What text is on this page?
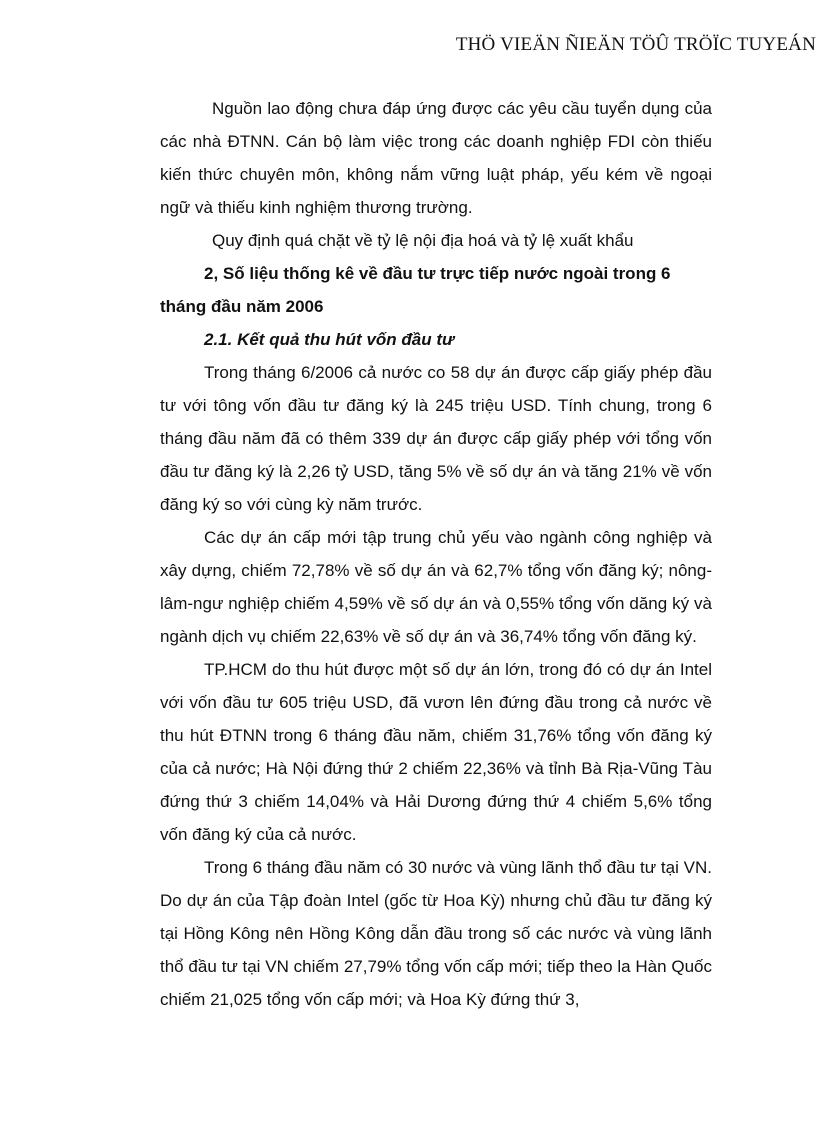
THÖ VIEÄN ÑIEÄN TÖÛ TRÖÏC TUYEÁN

Nguồn lao động chưa đáp ứng được các yêu cầu tuyển dụng của các nhà ĐTNN. Cán bộ làm việc trong các doanh nghiệp FDI còn thiếu kiến thức chuyên môn, không nắm vững luật pháp, yếu kém về ngoại ngữ và thiếu kinh nghiệm thương trường.

Quy định quá chặt về tỷ lệ nội địa hoá và tỷ lệ xuất khẩu

2, Số liệu thống kê về đầu tư trực tiếp nước ngoài trong 6 tháng đầu năm 2006

2.1. Kết quả thu hút vốn đầu tư

Trong tháng 6/2006 cả nước co 58 dự án được cấp giấy phép đầu tư với tông vốn đầu tư đăng ký là 245 triệu USD. Tính chung, trong 6 tháng đầu năm đã có thêm 339 dự án được cấp giấy phép với tổng vốn đầu tư đăng ký là 2,26 tỷ USD, tăng 5% về số dự án và tăng 21% về vốn đăng ký so với cùng kỳ năm trước.

Các dự án cấp mới tập trung chủ yếu vào ngành công nghiệp và xây dựng, chiếm 72,78% về số dự án và 62,7% tổng vốn đăng ký; nông-lâm-ngư nghiệp chiếm 4,59% về số dự án và 0,55% tổng vốn dăng ký và ngành dịch vụ chiếm 22,63% về số dự án và 36,74% tổng vốn đăng ký.

TP.HCM do thu hút được một số dự án lớn, trong đó có dự án Intel với vốn đầu tư 605 triệu USD, đã vươn lên đứng đầu trong cả nước về thu hút ĐTNN trong 6 tháng đầu năm, chiếm 31,76% tổng vốn đăng ký của cả nước; Hà Nội đứng thứ 2 chiếm 22,36% và tỉnh Bà Rịa-Vũng Tàu đứng thứ 3 chiếm 14,04% và Hải Dương đứng thứ 4 chiếm 5,6% tổng vốn đăng ký của cả nước.

Trong 6 tháng đầu năm có 30 nước và vùng lãnh thổ đầu tư tại VN. Do dự án của Tập đoàn Intel (gốc từ Hoa Kỳ) nhưng chủ đầu tư đăng ký tại Hồng Kông nên Hồng Kông dẫn đầu trong số các nước và vùng lãnh thổ đầu tư tại VN chiếm 27,79% tổng vốn cấp mới; tiếp theo la Hàn Quốc chiếm 21,025 tổng vốn cấp mới; và Hoa Kỳ đứng thứ 3,
